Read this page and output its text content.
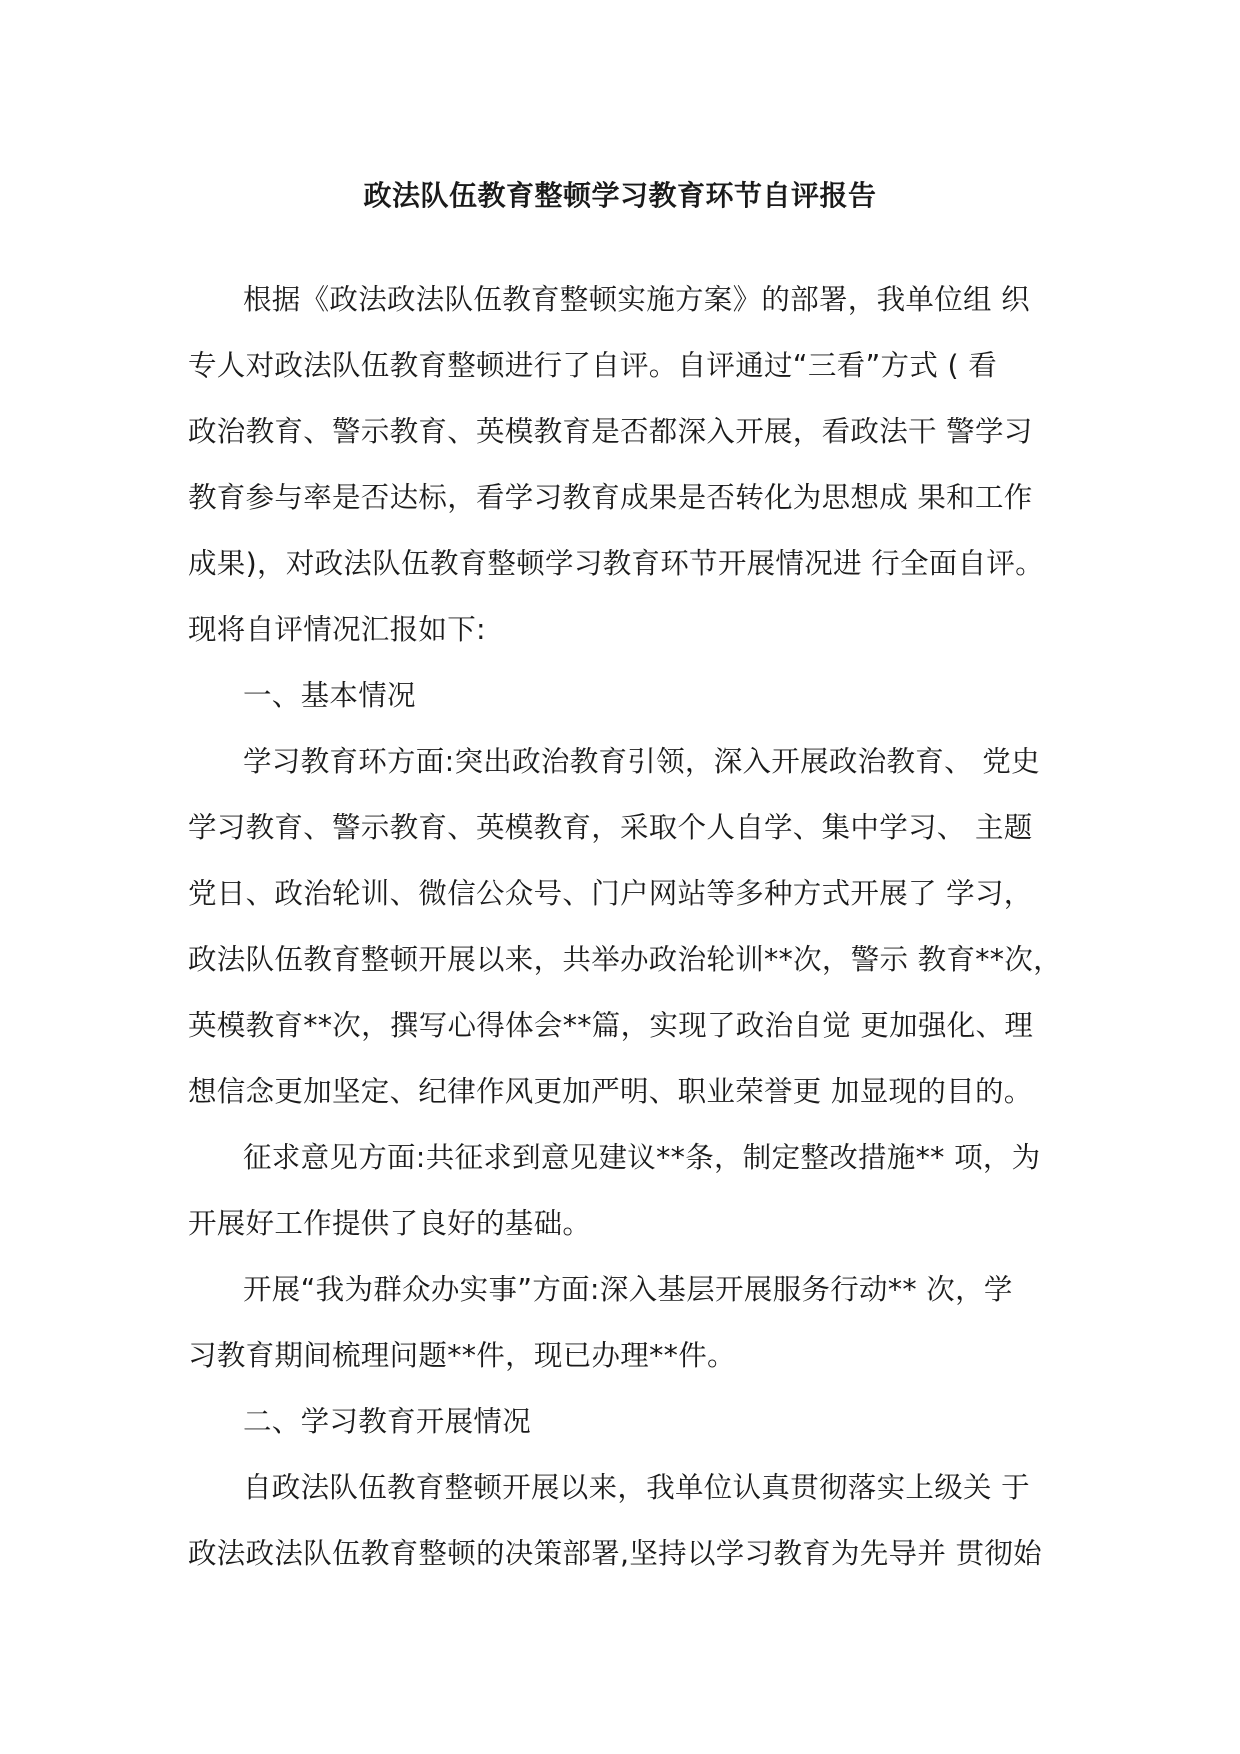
政法队伍教育整顿学习教育环节自评报告
根据《政法政法队伍教育整顿实施方案》的部署，我单位组 织
专人对政法队伍教育整顿进行了自评。自评通过“三看”方式 ( 看
政治教育、警示教育、英模教育是否都深入开展，看政法干 警学习
教育参与率是否达标，看学习教育成果是否转化为思想成 果和工作
成果)，对政法队伍教育整顿学习教育环节开展情况进 行全面自评。
现将自评情况汇报如下:
一、基本情况
学习教育环方面:突出政治教育引领，深入开展政治教育、 党史
学习教育、警示教育、英模教育，采取个人自学、集中学习、 主题
党日、政治轮训、微信公众号、门户网站等多种方式开展了 学习，
政法队伍教育整顿开展以来，共举办政治轮训**次，警示 教育**次，
英模教育**次，撰写心得体会**篇，实现了政治自觉 更加强化、理
想信念更加坚定、纪律作风更加严明、职业荣誉更 加显现的目的。
征求意见方面:共征求到意见建议**条，制定整改措施** 项，为
开展好工作提供了良好的基础。
开展“我为群众办实事”方面:深入基层开展服务行动** 次，学
习教育期间梳理问题**件，现已办理**件。
二、学习教育开展情况
自政法队伍教育整顿开展以来，我单位认真贯彻落实上级关 于
政法政法队伍教育整顿的决策部署,坚持以学习教育为先导并 贯彻始
